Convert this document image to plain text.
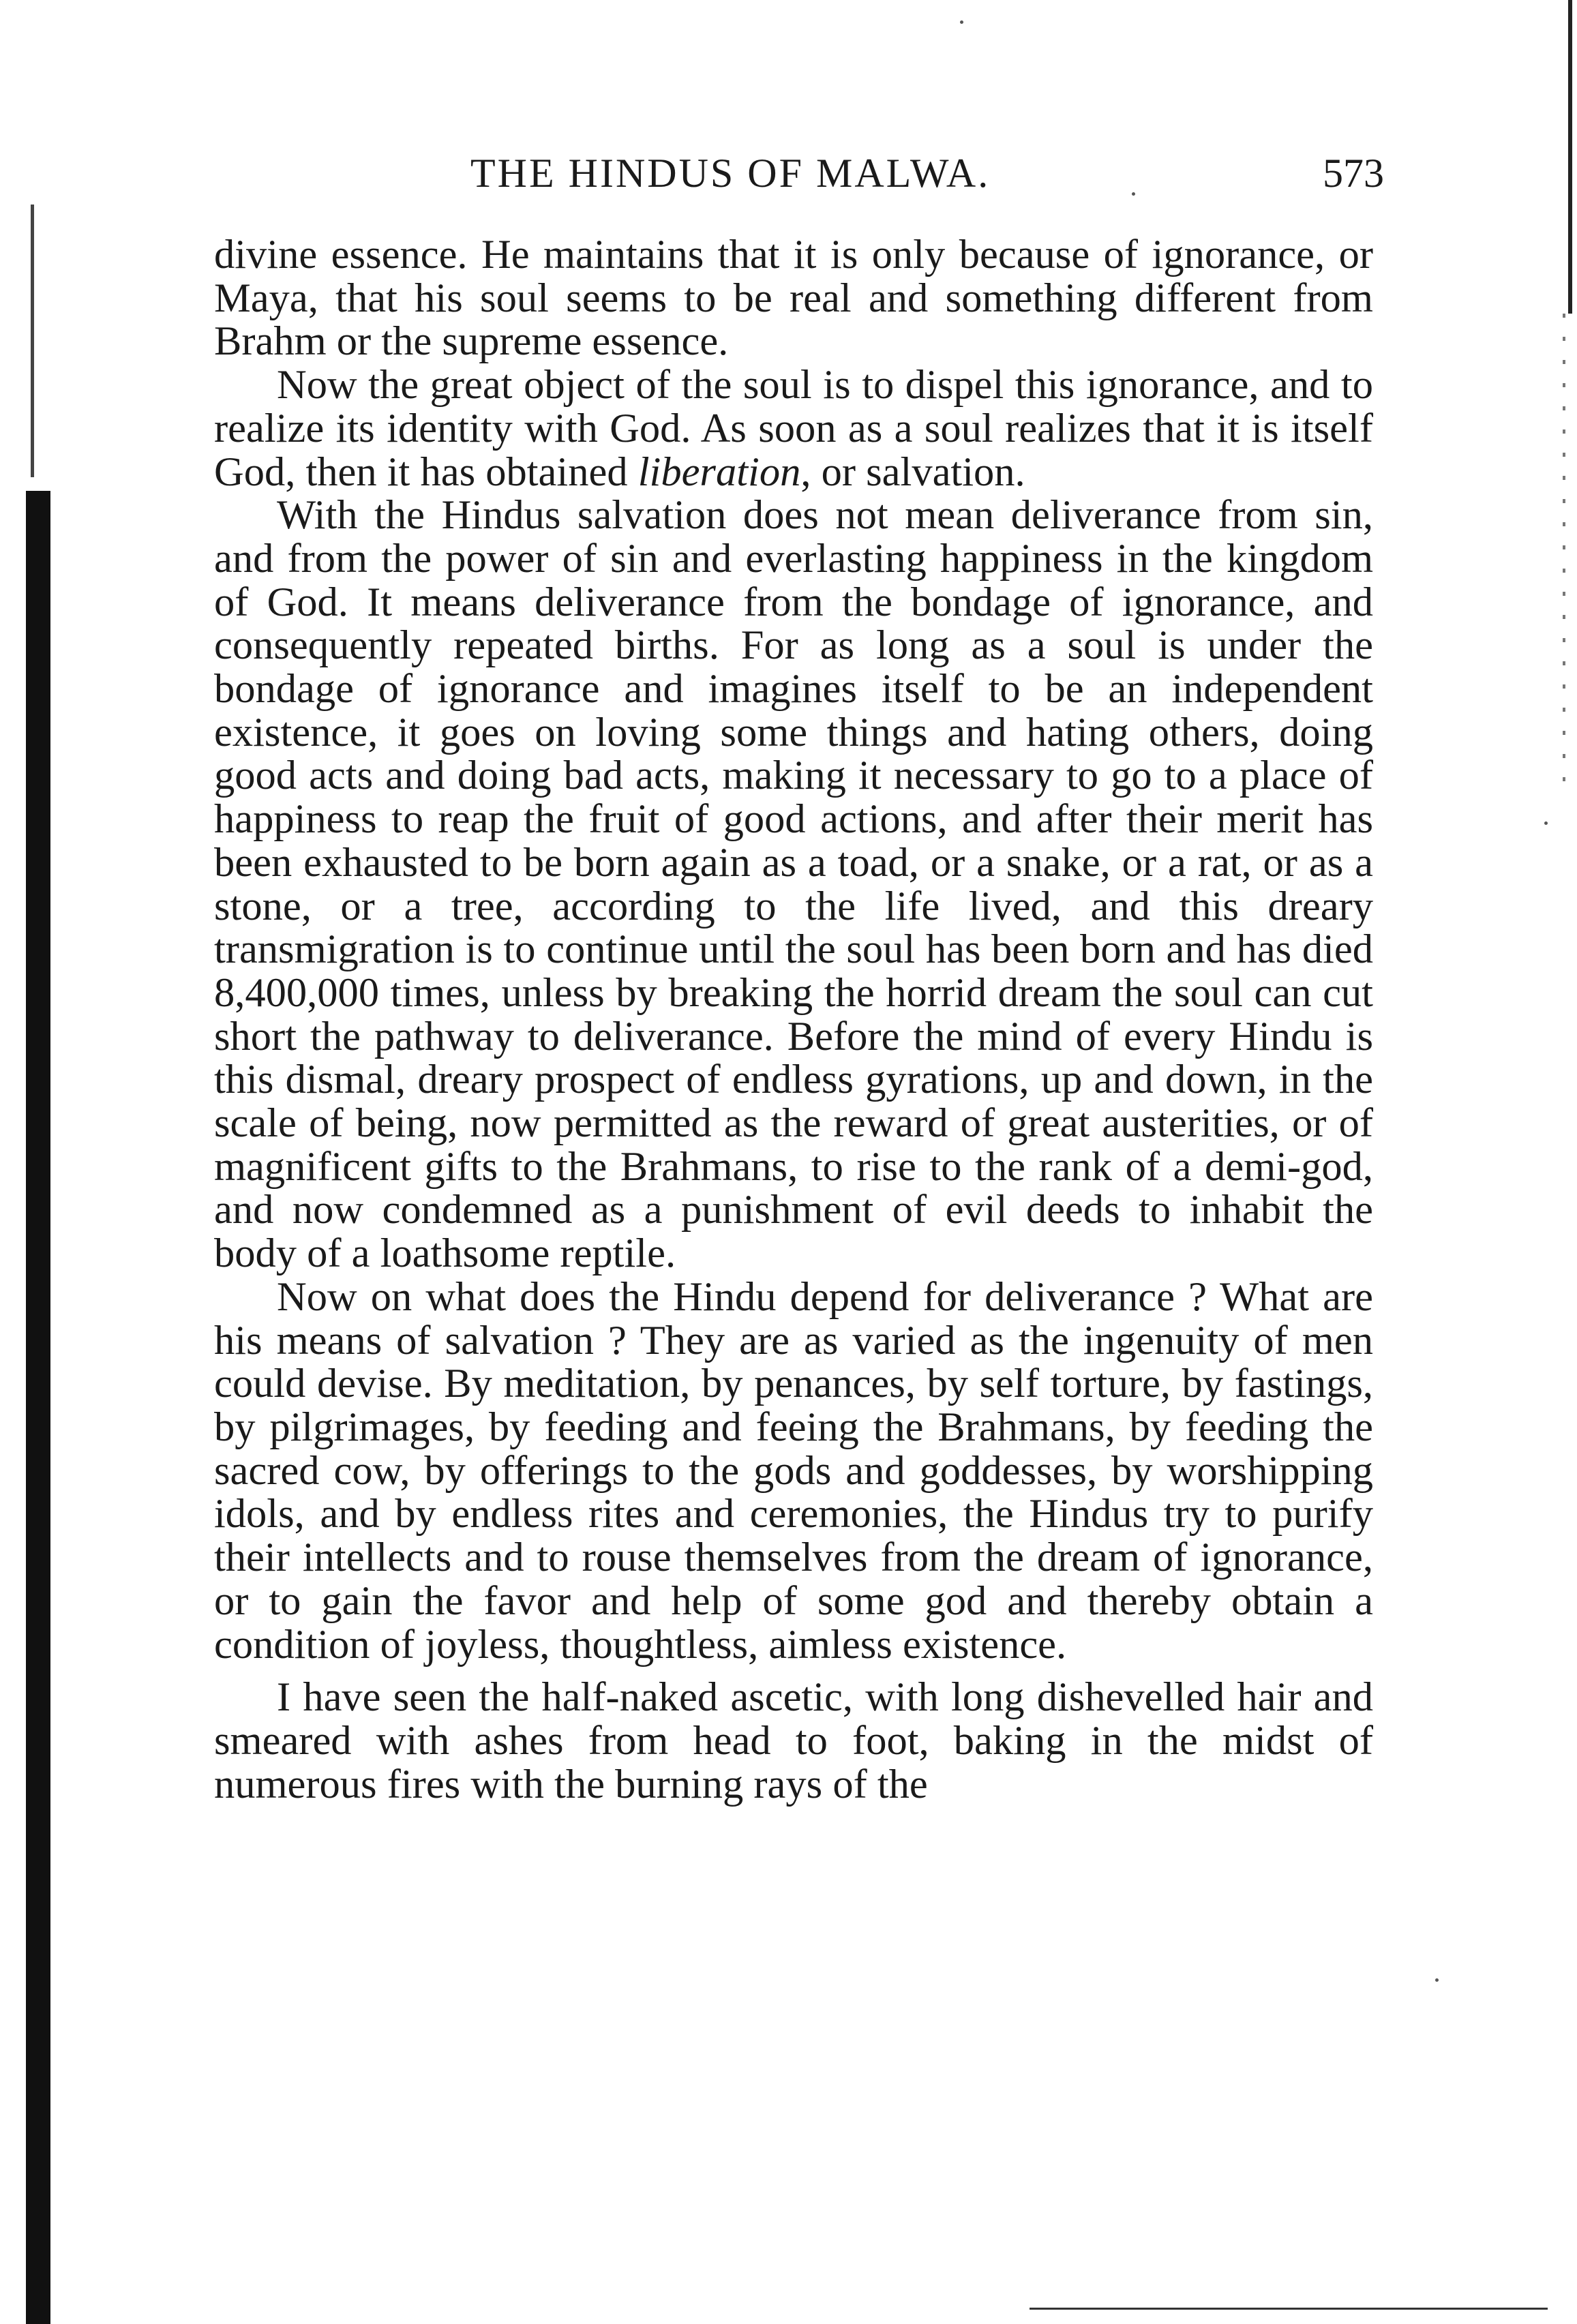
THE HINDUS OF MALWA.	573

divine essence. He maintains that it is only because of ignorance, or Maya, that his soul seems to be real and something different from Brahm or the supreme essence.

Now the great object of the soul is to dispel this ignorance, and to realize its identity with God. As soon as a soul realizes that it is itself God, then it has obtained liberation, or salvation.

With the Hindus salvation does not mean deliverance from sin, and from the power of sin and everlasting happiness in the kingdom of God. It means deliverance from the bondage of ignorance, and consequently repeated births. For as long as a soul is under the bondage of ignorance and imagines itself to be an independent existence, it goes on loving some things and hating others, doing good acts and doing bad acts, making it necessary to go to a place of happiness to reap the fruit of good actions, and after their merit has been exhausted to be born again as a toad, or a snake, or a rat, or as a stone, or a tree, according to the life lived, and this dreary transmigration is to continue until the soul has been born and has died 8,400,000 times, unless by breaking the horrid dream the soul can cut short the pathway to deliverance. Before the mind of every Hindu is this dismal, dreary prospect of endless gyrations, up and down, in the scale of being, now permitted as the reward of great austerities, or of magnificent gifts to the Brahmans, to rise to the rank of a demi-god, and now condemned as a punishment of evil deeds to inhabit the body of a loathsome reptile.

Now on what does the Hindu depend for deliverance ? What are his means of salvation ? They are as varied as the ingenuity of men could devise. By meditation, by penances, by self torture, by fastings, by pilgrimages, by feeding and feeing the Brahmans, by feeding the sacred cow, by offerings to the gods and goddesses, by worshipping idols, and by endless rites and ceremonies, the Hindus try to purify their intellects and to rouse themselves from the dream of ignorance, or to gain the favor and help of some god and thereby obtain a condition of joyless, thoughtless, aimless existence.

I have seen the half-naked ascetic, with long dishevelled hair and smeared with ashes from head to foot, baking in the midst of numerous fires with the burning rays of the
